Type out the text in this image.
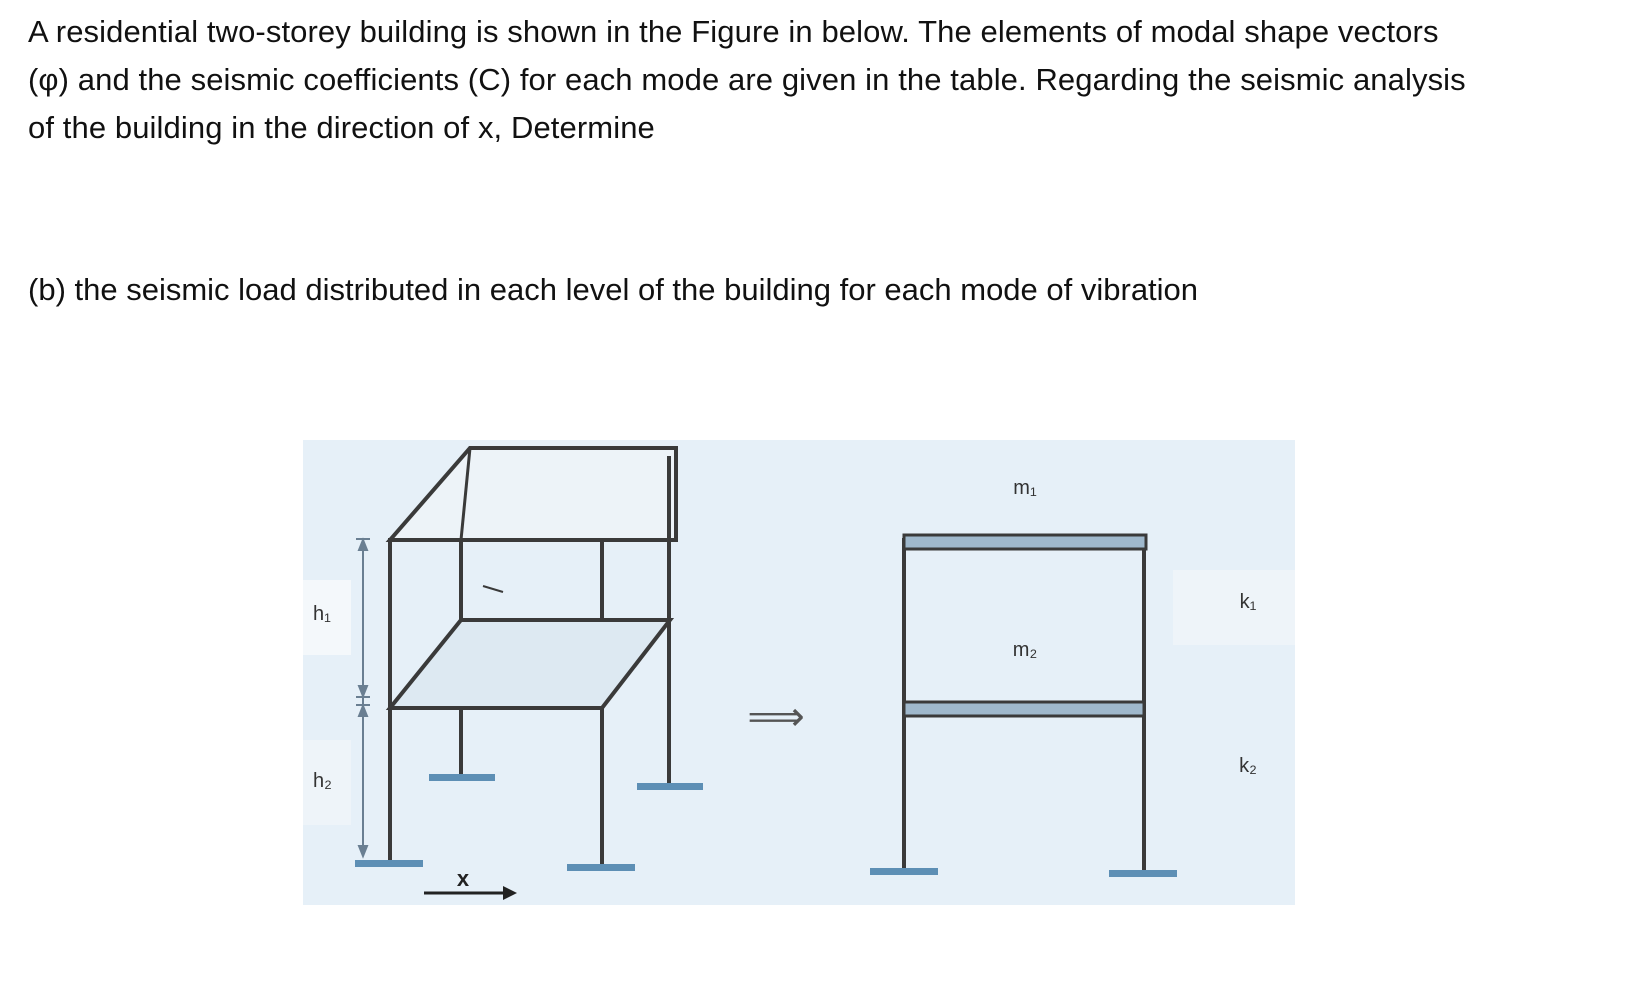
A residential two-storey building is shown in the Figure in below. The elements of modal shape vectors
(φ) and the seismic coefficients (C) for each mode are given in the table. Regarding the seismic analysis
of the building in the direction of x, Determine
(b) the seismic load distributed in each level of the building for each mode of vibration
h₁
h₂
x
⟹
m₁
m₂
k₁
k₂
